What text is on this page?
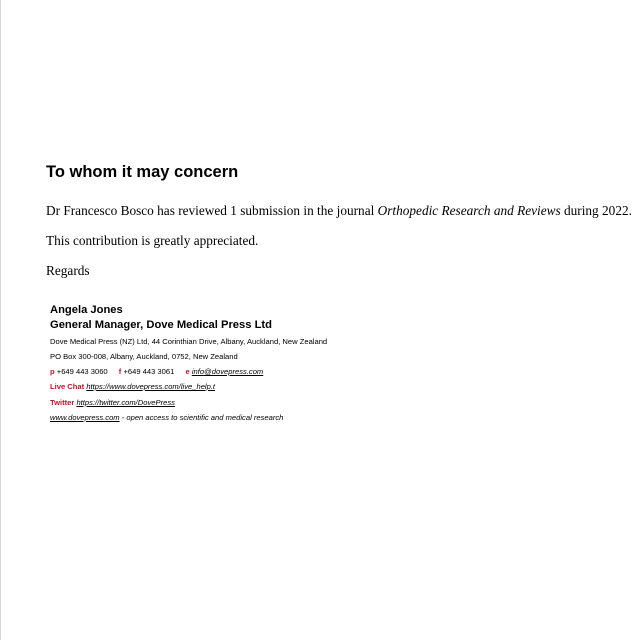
To whom it may concern

Dr Francesco Bosco has reviewed 1 submission in the journal Orthopedic Research and Reviews during 2022.

This contribution is greatly appreciated.

Regards

Angela Jones
General Manager, Dove Medical Press Ltd
Dove Medical Press (NZ) Ltd, 44 Corinthian Drive, Albany, Auckland, New Zealand
PO Box 300-008, Albany, Auckland, 0752, New Zealand
p +649 443 3060 f +649 443 3061 e info@dovepress.com
Live Chat https://www.dovepress.com/live_help.t
Twitter https://twitter.com/DovePress
www.dovepress.com - open access to scientific and medical research
